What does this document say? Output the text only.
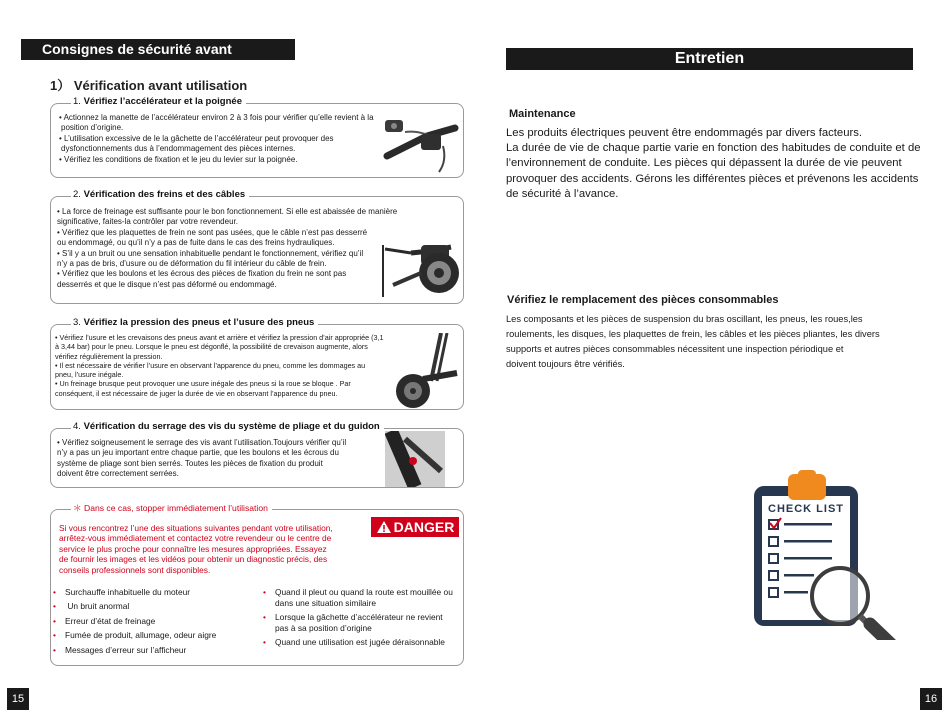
Consignes de sécurité avant L’utilisation
1） Vérification avant utilisation
1. Vérifiez l’accélérateur et la poignée

• Actionnez la manette de l’accélérateur environ 2 à 3 fois pour vérifier qu’elle revient à la

position d’origine.

• L’utilisation excessive de le la gâchette de l’accélérateur peut provoquer des

dysfonctionnements dus à l’endommagement des pièces internes.

• Vérifiez les conditions de fixation et le jeu du levier sur la poignée.

2. Vérification des freins et des câbles

• La force de freinage est suffisante pour le bon fonctionnement. Si elle est abaissée de manière

significative, faites-la contrôler par votre revendeur.

• Vérifiez que les plaquettes de frein ne sont pas usées, que le câble n’est pas desserré

ou endommagé, ou qu’il n’y a pas de fuite dans le cas des freins hydrauliques.

• S’il y a un bruit ou une sensation inhabituelle pendant le fonctionnement, vérifiez qu’il

n’y a pas de bris, d’usure ou de déformation du fil intérieur du câble de frein.

• Vérifiez que les boulons et les écrous des pièces de fixation du frein ne sont pas

desserrés et que le disque n’est pas déformé ou endommagé.

3. Vérifiez la pression des pneus et l’usure des pneus

• Vérifiez l’usure et les crevaisons des pneus avant et arrière et vérifiez la pression d’air appropriée (3,1

à 3,44 bar) pour le pneu. Lorsque le pneu est dégonflé, la possibilité de crevaison augmente, alors

vérifiez régulièrement la pression.

• Il est nécessaire de vérifier l’usure en observant l’apparence du pneu, comme les dommages au

pneu, l’usure inégale.

• Un freinage brusque peut provoquer une usure inégale des pneus si la roue se bloque . Par

conséquent, il est nécessaire de juger la durée de vie en observant l’apparence du pneu.

4. Vérification du serrage des vis du système de pliage et du guidon

• Vérifiez soigneusement le serrage des vis avant l’utilisation.Toujours vérifier qu’il

n’y a pas un jeu important entre chaque partie, que les boulons et les écrous du

système de pliage sont bien serrés. Toutes les pièces de fixation du produit

doivent être correctement serrées.

＊ Dans ce cas, stopper immédiatement l’utilisation

Si vous rencontrez l’une des situations suivantes pendant votre utilisation,

arrêtez-vous immédiatement et contactez votre revendeur ou le centre de

service le plus proche pour connaître les mesures appropriées. Essayez

de fournir les images et les vidéos pour obtenir un diagnostic précis, des

conseils professionnels sont disponibles.

DANGER
• Surchauffe inhabituelle du moteur
• Un bruit anormal
• Erreur d’état de freinage
• Fumée de produit, allumage, odeur aigre
• Messages d’erreur sur l’afficheur
• Quand il pleut ou quand la route est mouillée ou
dans une situation similaire
• Lorsque la gâchette d’accélérateur ne revient
pas à sa position d’origine
• Quand une utilisation est jugée déraisonnable
15
Entretien
Maintenance

Les produits électriques peuvent être endommagés par divers facteurs.

La durée de vie de chaque partie varie en fonction des habitudes de conduite et de

l’environnement de conduite. Les pièces qui dépassent la durée de vie peuvent

provoquer des accidents. Gérons les différentes pièces et prévenons les accidents

de sécurité à l’avance.

Vérifiez le remplacement des pièces consommables

Les composants et les pièces de suspension du bras oscillant, les pneus, les roues,les

roulements, les disques, les plaquettes de frein, les câbles et les pièces pliantes, les divers

supports et autres pièces consommables nécessitent une inspection périodique et

doivent toujours être vérifiés.

CHECK LIST
16
